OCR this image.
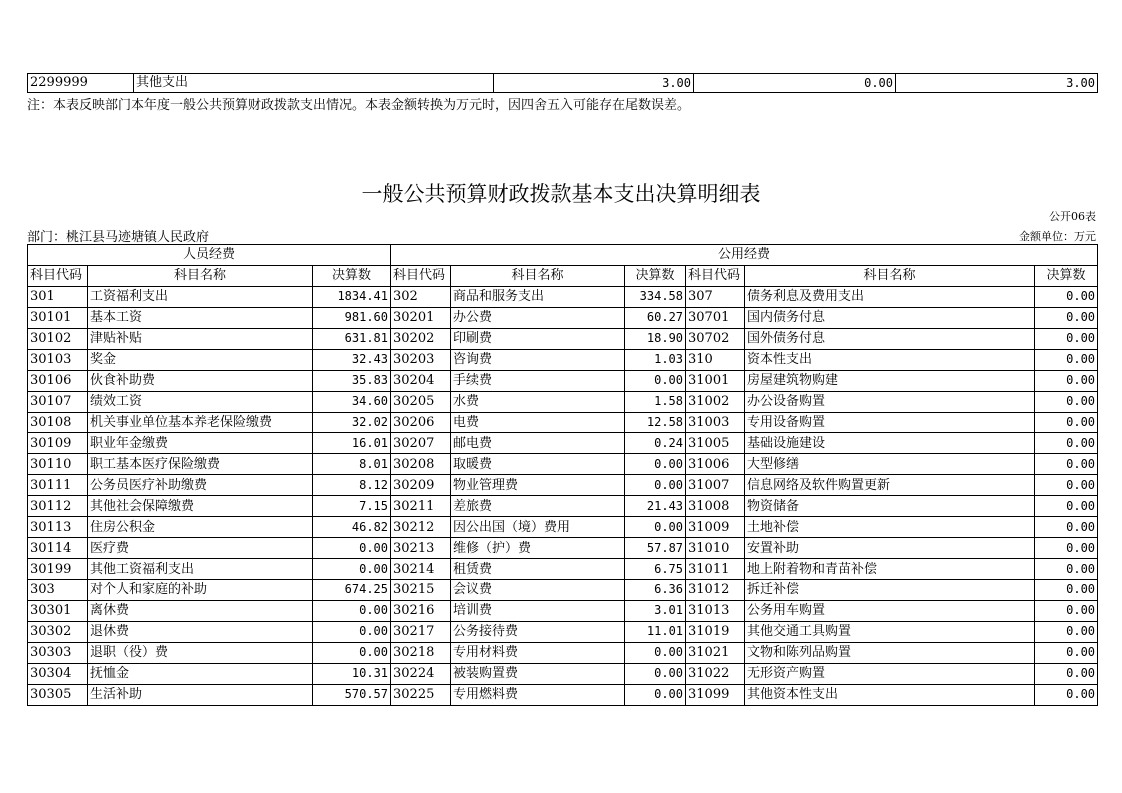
2299999	其他支出	3.00	0.00	3.00
注：本表反映部门本年度一般公共预算财政拨款支出情况。本表金额转换为万元时，因四舍五入可能存在尾数误差。
一般公共预算财政拨款基本支出决算明细表
公开06表
部门：桃江县马迹塘镇人民政府	金额单位：万元
人员经费			公用经费					
科目代码	科目名称	决算数	科目代码	科目名称	决算数	科目代码	科目名称	决算数
301	工资福利支出	1834.41	302	商品和服务支出	334.58	307	债务利息及费用支出	0.00
30101	基本工资	981.60	30201	办公费	60.27	30701	国内债务付息	0.00
30102	津贴补贴	631.81	30202	印刷费	18.90	30702	国外债务付息	0.00
30103	奖金	32.43	30203	咨询费	1.03	310	资本性支出	0.00
30106	伙食补助费	35.83	30204	手续费	0.00	31001	房屋建筑物购建	0.00
30107	绩效工资	34.60	30205	水费	1.58	31002	办公设备购置	0.00
30108	机关事业单位基本养老保险缴费	32.02	30206	电费	12.58	31003	专用设备购置	0.00
30109	职业年金缴费	16.01	30207	邮电费	0.24	31005	基础设施建设	0.00
30110	职工基本医疗保险缴费	8.01	30208	取暖费	0.00	31006	大型修缮	0.00
30111	公务员医疗补助缴费	8.12	30209	物业管理费	0.00	31007	信息网络及软件购置更新	0.00
30112	其他社会保障缴费	7.15	30211	差旅费	21.43	31008	物资储备	0.00
30113	住房公积金	46.82	30212	因公出国（境）费用	0.00	31009	土地补偿	0.00
30114	医疗费	0.00	30213	维修（护）费	57.87	31010	安置补助	0.00
30199	其他工资福利支出	0.00	30214	租赁费	6.75	31011	地上附着物和青苗补偿	0.00
303	对个人和家庭的补助	674.25	30215	会议费	6.36	31012	拆迁补偿	0.00
30301	离休费	0.00	30216	培训费	3.01	31013	公务用车购置	0.00
30302	退休费	0.00	30217	公务接待费	11.01	31019	其他交通工具购置	0.00
30303	退职（役）费	0.00	30218	专用材料费	0.00	31021	文物和陈列品购置	0.00
30304	抚恤金	10.31	30224	被装购置费	0.00	31022	无形资产购置	0.00
30305	生活补助	570.57	30225	专用燃料费	0.00	31099	其他资本性支出	0.00
